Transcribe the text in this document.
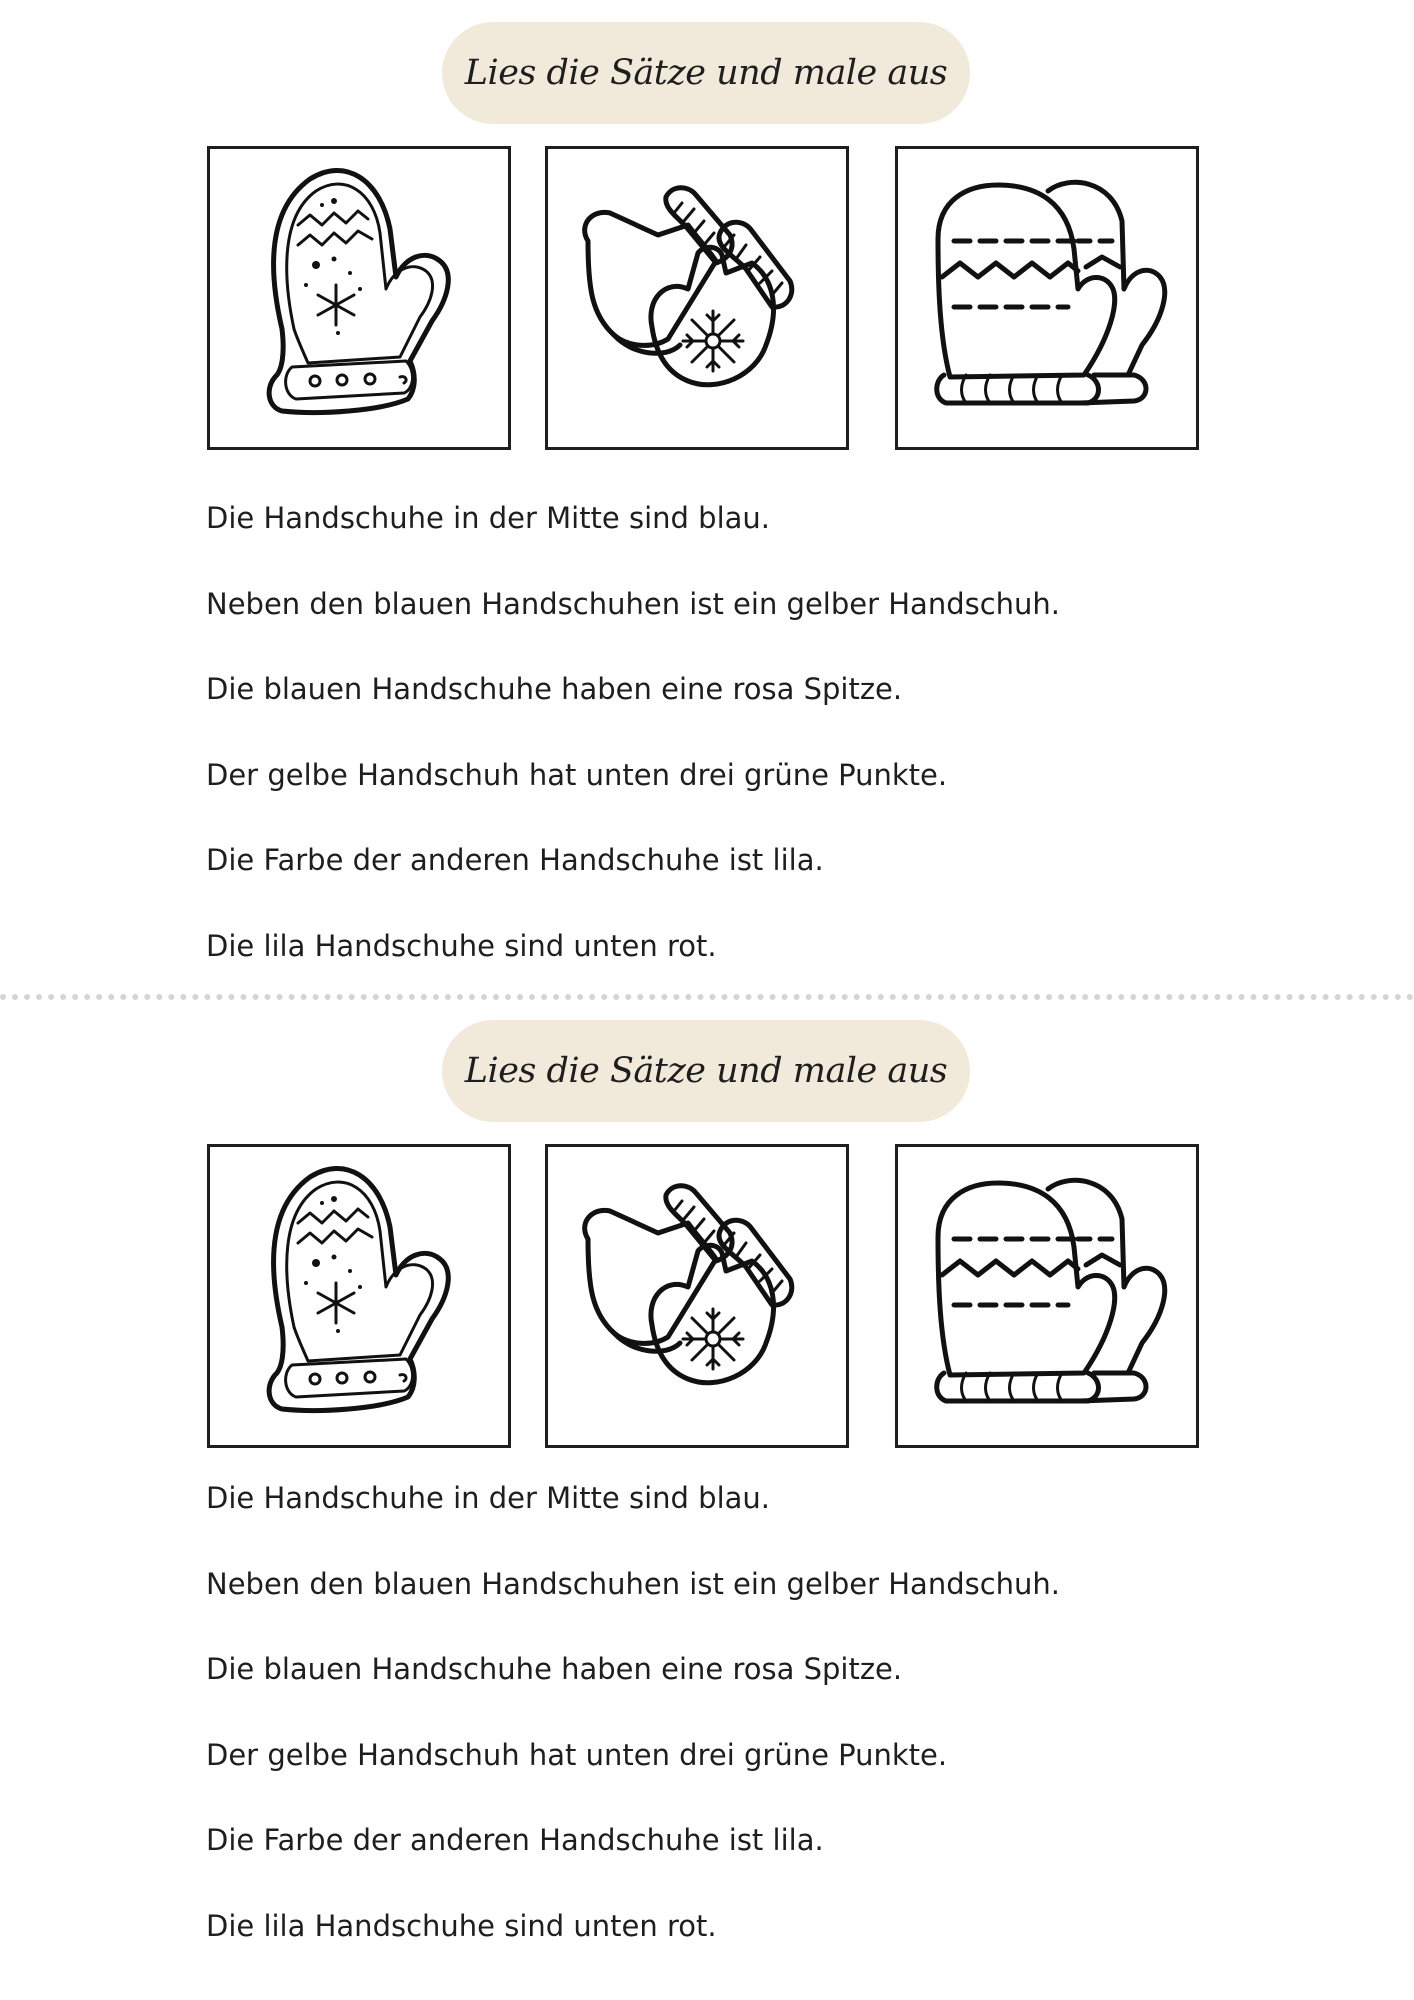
Lies die Sätze und male aus
Die Handschuhe in der Mitte sind blau.
Neben den blauen Handschuhen ist ein gelber Handschuh.
Die blauen Handschuhe haben eine rosa Spitze.
Der gelbe Handschuh hat unten drei grüne Punkte.
Die Farbe der anderen Handschuhe ist lila.
Die lila Handschuhe sind unten rot.
Lies die Sätze und male aus
Die Handschuhe in der Mitte sind blau.
Neben den blauen Handschuhen ist ein gelber Handschuh.
Die blauen Handschuhe haben eine rosa Spitze.
Der gelbe Handschuh hat unten drei grüne Punkte.
Die Farbe der anderen Handschuhe ist lila.
Die lila Handschuhe sind unten rot.
